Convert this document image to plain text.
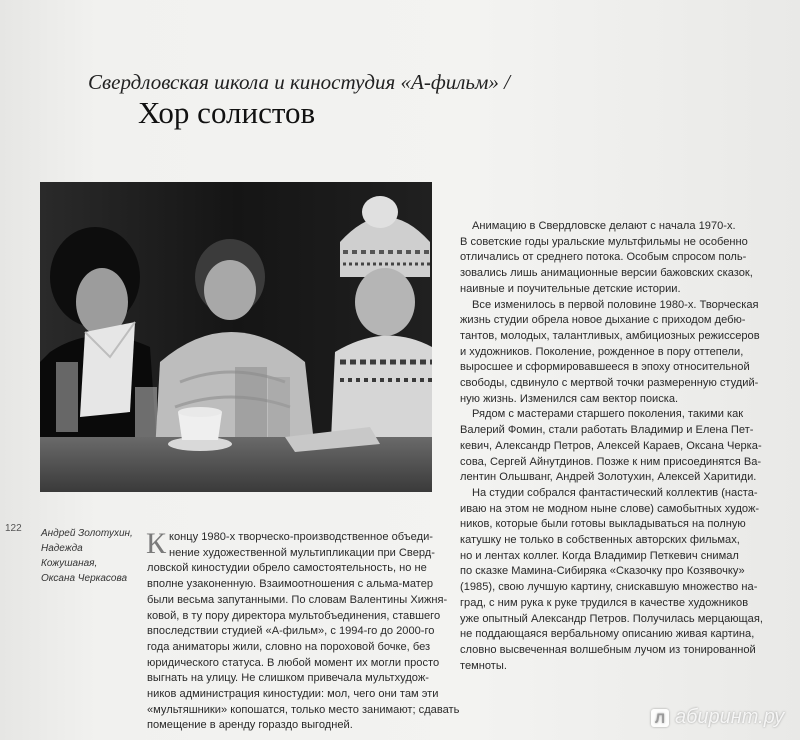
Свердловская школа и киностудия «А-фильм» /
Хор солистов
122 Андрей Золотухин,
Надежда
Кожушаная,
Оксана Черкасова
К концу 1980-х творческо-производственное объеди-
нение художественной мультипликации при Сверд-
ловской киностудии обрело самостоятельность, но не
вполне узаконенную. Взаимоотношения с альма-матер
были весьма запутанными. По словам Валентины Хижня-
ковой, в ту пору директора мультобъединения, ставшего
впоследствии студией «А-фильм», с 1994-го до 2000-го
года аниматоры жили, словно на пороховой бочке, без
юридического статуса. В любой момент их могли просто
выгнать на улицу. Не слишком привечала мультхудож-
ников администрация киностудии: мол, чего они там эти
«мультяшники» копошатся, только место занимают; сдавать
помещение в аренду гораздо выгодней.
Анимацию в Свердловске делают с начала 1970-х.
В советские годы уральские мультфильмы не особенно
отличались от среднего потока. Особым спросом поль-
зовались лишь анимационные версии бажовских сказок,
наивные и поучительные детские истории.
Все изменилось в первой половине 1980-х. Творческая
жизнь студии обрела новое дыхание с приходом дебю-
тантов, молодых, талантливых, амбициозных режиссеров
и художников. Поколение, рожденное в пору оттепели,
выросшее и сформировавшееся в эпоху относительной
свободы, сдвинуло с мертвой точки размеренную студий-
ную жизнь. Изменился сам вектор поиска.
Рядом с мастерами старшего поколения, такими как
Валерий Фомин, стали работать Владимир и Елена Пет-
кевич, Александр Петров, Алексей Караев, Оксана Черка-
сова, Сергей Айнутдинов. Позже к ним присоединятся Ва-
лентин Ольшванг, Андрей Золотухин, Алексей Харитиди.
На студии собрался фантастический коллектив (наста-
иваю на этом не модном ныне слове) самобытных худож-
ников, которые были готовы выкладываться на полную
катушку не только в собственных авторских фильмах,
но и лентах коллег. Когда Владимир Петкевич снимал
по сказке Мамина-Сибиряка «Сказочку про Козявочку»
(1985), свою лучшую картину, снискавшую множество на-
град, с ним рука к руке трудился в качестве художников
уже опытный Александр Петров. Получилась мерцающая,
не поддающаяся вербальному описанию живая картина,
словно высвеченная волшебным лучом из тонированной
темноты.
Л абиринт.ру
